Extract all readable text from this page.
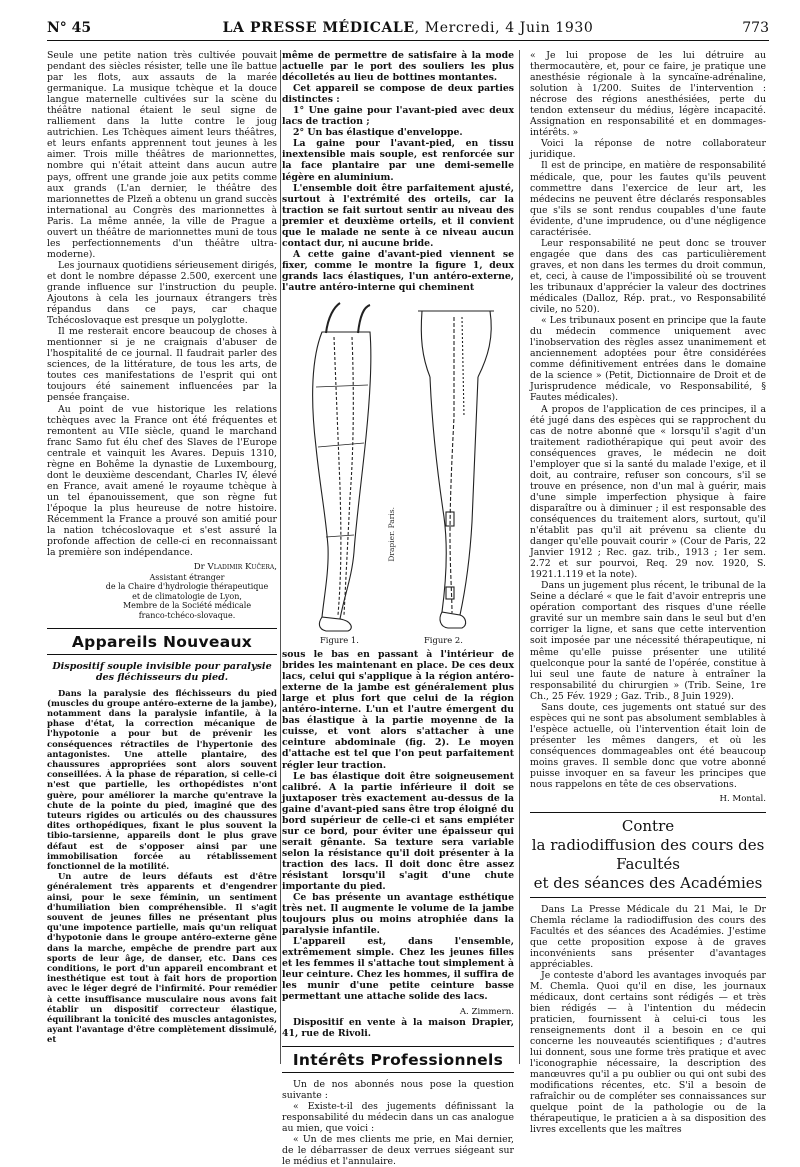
N° 45	LA PRESSE MÉDICALE, Mercredi, 4 Juin 1930	773

Seule une petite nation très cultivée pouvait pendant des siècles résister, telle une île battue par les flots, aux assauts de la marée germanique. La musique tchèque et la douce langue maternelle cultivées sur la scène du théâtre national étaient le seul signe de ralliement dans la lutte contre le joug autrichien. Les Tchèques aiment leurs théâtres, et leurs enfants apprennent tout jeunes à les aimer. Trois mille théâtres de marionnettes, nombre qui n'était atteint dans aucun autre pays, offrent une grande joie aux petits comme aux grands (L'an dernier, le théâtre des marionnettes de Plzeň a obtenu un grand succès international au Congrès des marionnettes à Paris. La même année, la ville de Prague a ouvert un théâtre de marionnettes muni de tous les perfectionnements d'un théâtre ultra-moderne).

Les journaux quotidiens sérieusement dirigés, et dont le nombre dépasse 2.500, exercent une grande influence sur l'instruction du peuple. Ajoutons à cela les journaux étrangers très répandus dans ce pays, car chaque Tchécoslovaque est presque un polyglotte.

Il me resterait encore beaucoup de choses à mentionner si je ne craignais d'abuser de l'hospitalité de ce journal. Il faudrait parler des sciences, de la littérature, de tous les arts, de toutes ces manifestations de l'esprit qui ont toujours été sainement influencées par la pensée française.

Au point de vue historique les relations tchèques avec la France ont été fréquentes et remontent au VIIe siècle, quand le marchand franc Samo fut élu chef des Slaves de l'Europe centrale et vainquit les Avares. Depuis 1310, règne en Bohême la dynastie de Luxembourg, dont le deuxième descendant, Charles IV, élevé en France, avait amené le royaume tchèque à un tel épanouissement, que son règne fut l'époque la plus heureuse de notre histoire. Récemment la France a prouvé son amitié pour la nation tchécoslovaque et s'est assuré la profonde affection de celle-ci en reconnaissant la première son indépendance.

Dr Vladimir Kučera,

Assistant étranger

de la Chaire d'hydrologie thérapeutique

et de climatologie de Lyon,

Membre de la Société médicale

franco-tchéco-slovaque.

Appareils Nouveaux

Dispositif souple invisible pour paralysie des fléchisseurs du pied.

Dans la paralysie des fléchisseurs du pied (muscles du groupe antéro-externe de la jambe), notamment dans la paralysie infantile, à la phase d'état, la correction mécanique de l'hypotonie a pour but de prévenir les conséquences rétractiles de l'hypertonie des antagonistes. Une attelle plantaire, des chaussures appropriées sont alors souvent conseillées. À la phase de réparation, si celle-ci n'est que partielle, les orthopédistes n'ont guère, pour améliorer la marche qu'entrave la chute de la pointe du pied, imaginé que des tuteurs rigides ou articulés ou des chaussures dites orthopédiques, fixant le plus souvent la tibio-tarsienne, appareils dont le plus grave défaut est de s'opposer ainsi par une immobilisation forcée au rétablissement fonctionnel de la motilité.

Un autre de leurs défauts est d'être généralement très apparents et d'engendrer ainsi, pour le sexe féminin, un sentiment d'humiliation bien compréhensible. Il s'agit souvent de jeunes filles ne présentant plus qu'une impotence partielle, mais qu'un reliquat d'hypotonie dans le groupe antéro-externe gêne dans la marche, empêche de prendre part aux sports de leur âge, de danser, etc. Dans ces conditions, le port d'un appareil encombrant et inesthétique est tout à fait hors de proportion avec le léger degré de l'infirmité. Pour remédier à cette insuffisance musculaire nous avons fait établir un dispositif correcteur élastique, équilibrant la tonicité des muscles antagonistes, ayant l'avantage d'être complètement dissimulé, et

même de permettre de satisfaire à la mode actuelle par le port des souliers les plus décolletés au lieu de bottines montantes.

Cet appareil se compose de deux parties distinctes :

1° Une gaine pour l'avant-pied avec deux lacs de traction ;

2° Un bas élastique d'enveloppe.

La gaine pour l'avant-pied, en tissu inextensible mais souple, est renforcée sur la face plantaire par une demi-semelle légère en aluminium.

L'ensemble doit être parfaitement ajusté, surtout à l'extrémité des orteils, car la traction se fait surtout sentir au niveau des premier et deuxième orteils, et il convient que le malade ne sente à ce niveau aucun contact dur, ni aucune bride.

A cette gaine d'avant-pied viennent se fixer, comme le montre la figure 1, deux grands lacs élastiques, l'un antéro-externe, l'autre antéro-interne qui cheminent

Drapier. Paris.
Figure 1.	Figure 2.

sous le bas en passant à l'intérieur de brides les maintenant en place. De ces deux lacs, celui qui s'applique à la région antéro-externe de la jambe est généralement plus large et plus fort que celui de la région antéro-interne. L'un et l'autre émergent du bas élastique à la partie moyenne de la cuisse, et vont alors s'attacher à une ceinture abdominale (fig. 2). Le moyen d'attache est tel que l'on peut parfaitement régler leur traction.

Le bas élastique doit être soigneusement calibré. A la partie inférieure il doit se juxtaposer très exactement au-dessus de la gaine d'avant-pied sans être trop éloigné du bord supérieur de celle-ci et sans empiéter sur ce bord, pour éviter une épaisseur qui serait gênante. Sa texture sera variable selon la résistance qu'il doit présenter à la traction des lacs. Il doit donc être assez résistant lorsqu'il s'agit d'une chute importante du pied.

Ce bas présente un avantage esthétique très net. Il augmente le volume de la jambe toujours plus ou moins atrophiée dans la paralysie infantile.

L'appareil est, dans l'ensemble, extrêmement simple. Chez les jeunes filles et les femmes il s'attache tout simplement à leur ceinture. Chez les hommes, il suffira de les munir d'une petite ceinture basse permettant une attache solide des lacs.

A. Zimmern.

Dispositif en vente à la maison Drapier, 41, rue de Rivoli.

Intérêts Professionnels

Un de nos abonnés nous pose la question suivante :

« Existe-t-il des jugements définissant la responsabilité du médecin dans un cas analogue au mien, que voici :

« Un de mes clients me prie, en Mai dernier, de le débarrasser de deux verrues siégeant sur le médius et l'annulaire.

« Je lui propose de les lui détruire au thermocautère, et, pour ce faire, je pratique une anesthésie régionale à la syncaïne-adrénaline, solution à 1/200. Suites de l'intervention : nécrose des régions anesthésiées, perte du tendon extenseur du médius, légère incapacité. Assignation en responsabilité et en dommages-intérêts. »

Voici la réponse de notre collaborateur juridique.

Il est de principe, en matière de responsabilité médicale, que, pour les fautes qu'ils peuvent commettre dans l'exercice de leur art, les médecins ne peuvent être déclarés responsables que s'ils se sont rendus coupables d'une faute évidente, d'une imprudence, ou d'une négligence caractérisée.

Leur responsabilité ne peut donc se trouver engagée que dans des cas particulièrement graves, et non dans les termes du droit commun, et, ceci, à cause de l'impossibilité où se trouvent les tribunaux d'apprécier la valeur des doctrines médicales (Dalloz, Rép. prat., vo Responsabilité civile, no 520).

« Les tribunaux posent en principe que la faute du médecin commence uniquement avec l'inobservation des règles assez unanimement et anciennement adoptées pour être considérées comme définitivement entrées dans le domaine de la science » (Petit, Dictionnaire de Droit et de Jurisprudence médicale, vo Responsabilité, § Fautes médicales).

A propos de l'application de ces principes, il a été jugé dans des espèces qui se rapprochent du cas de notre abonné que « lorsqu'il s'agit d'un traitement radiothérapique qui peut avoir des conséquences graves, le médecin ne doit l'employer que si la santé du malade l'exige, et il doit, au contraire, refuser son concours, s'il se trouve en présence, non d'un mal à guérir, mais d'une simple imperfection physique à faire disparaître ou à diminuer ; il est responsable des conséquences du traitement alors, surtout, qu'il n'établit pas qu'il ait prévenu sa cliente du danger qu'elle pouvait courir » (Cour de Paris, 22 Janvier 1912 ; Rec. gaz. trib., 1913 ; 1er sem. 2.72 et sur pourvoi, Req. 29 nov. 1920, S. 1921.1.119 et la note).

Dans un jugement plus récent, le tribunal de la Seine a déclaré « que le fait d'avoir entrepris une opération comportant des risques d'une réelle gravité sur un membre sain dans le seul but d'en corriger la ligne, et sans que cette intervention soit imposée par une nécessité thérapeutique, ni même qu'elle puisse présenter une utilité quelconque pour la santé de l'opérée, constitue à lui seul une faute de nature à entraîner la responsabilité du chirurgien » (Trib. Seine, 1re Ch., 25 Fév. 1929 ; Gaz. Trib., 8 Juin 1929).

Sans doute, ces jugements ont statué sur des espèces qui ne sont pas absolument semblables à l'espèce actuelle, où l'intervention était loin de présenter les mêmes dangers, et où les conséquences dommageables ont été beaucoup moins graves. Il semble donc que votre abonné puisse invoquer en sa faveur les principes que nous rappelons en tête de ces observations.

H. Montal.

Contre
la radiodiffusion des cours des Facultés
et des séances des Académies

Dans La Presse Médicale du 21 Mai, le Dr Chemla réclame la radiodiffusion des cours des Facultés et des séances des Académies. J'estime que cette proposition expose à de graves inconvénients sans présenter d'avantages appréciables.

Je conteste d'abord les avantages invoqués par M. Chemla. Quoi qu'il en dise, les journaux médicaux, dont certains sont rédigés — et très bien rédigés — à l'intention du médecin praticien, fournissent à celui-ci tous les renseignements dont il a besoin en ce qui concerne les nouveautés scientifiques ; d'autres lui donnent, sous une forme très pratique et avec l'iconographie nécessaire, la description des manœuvres qu'il a pu oublier ou qui ont subi des modifications récentes, etc. S'il a besoin de rafraîchir ou de compléter ses connaissances sur quelque point de la pathologie ou de la thérapeutique, le praticien a à sa disposition des livres excellents que les maîtres
